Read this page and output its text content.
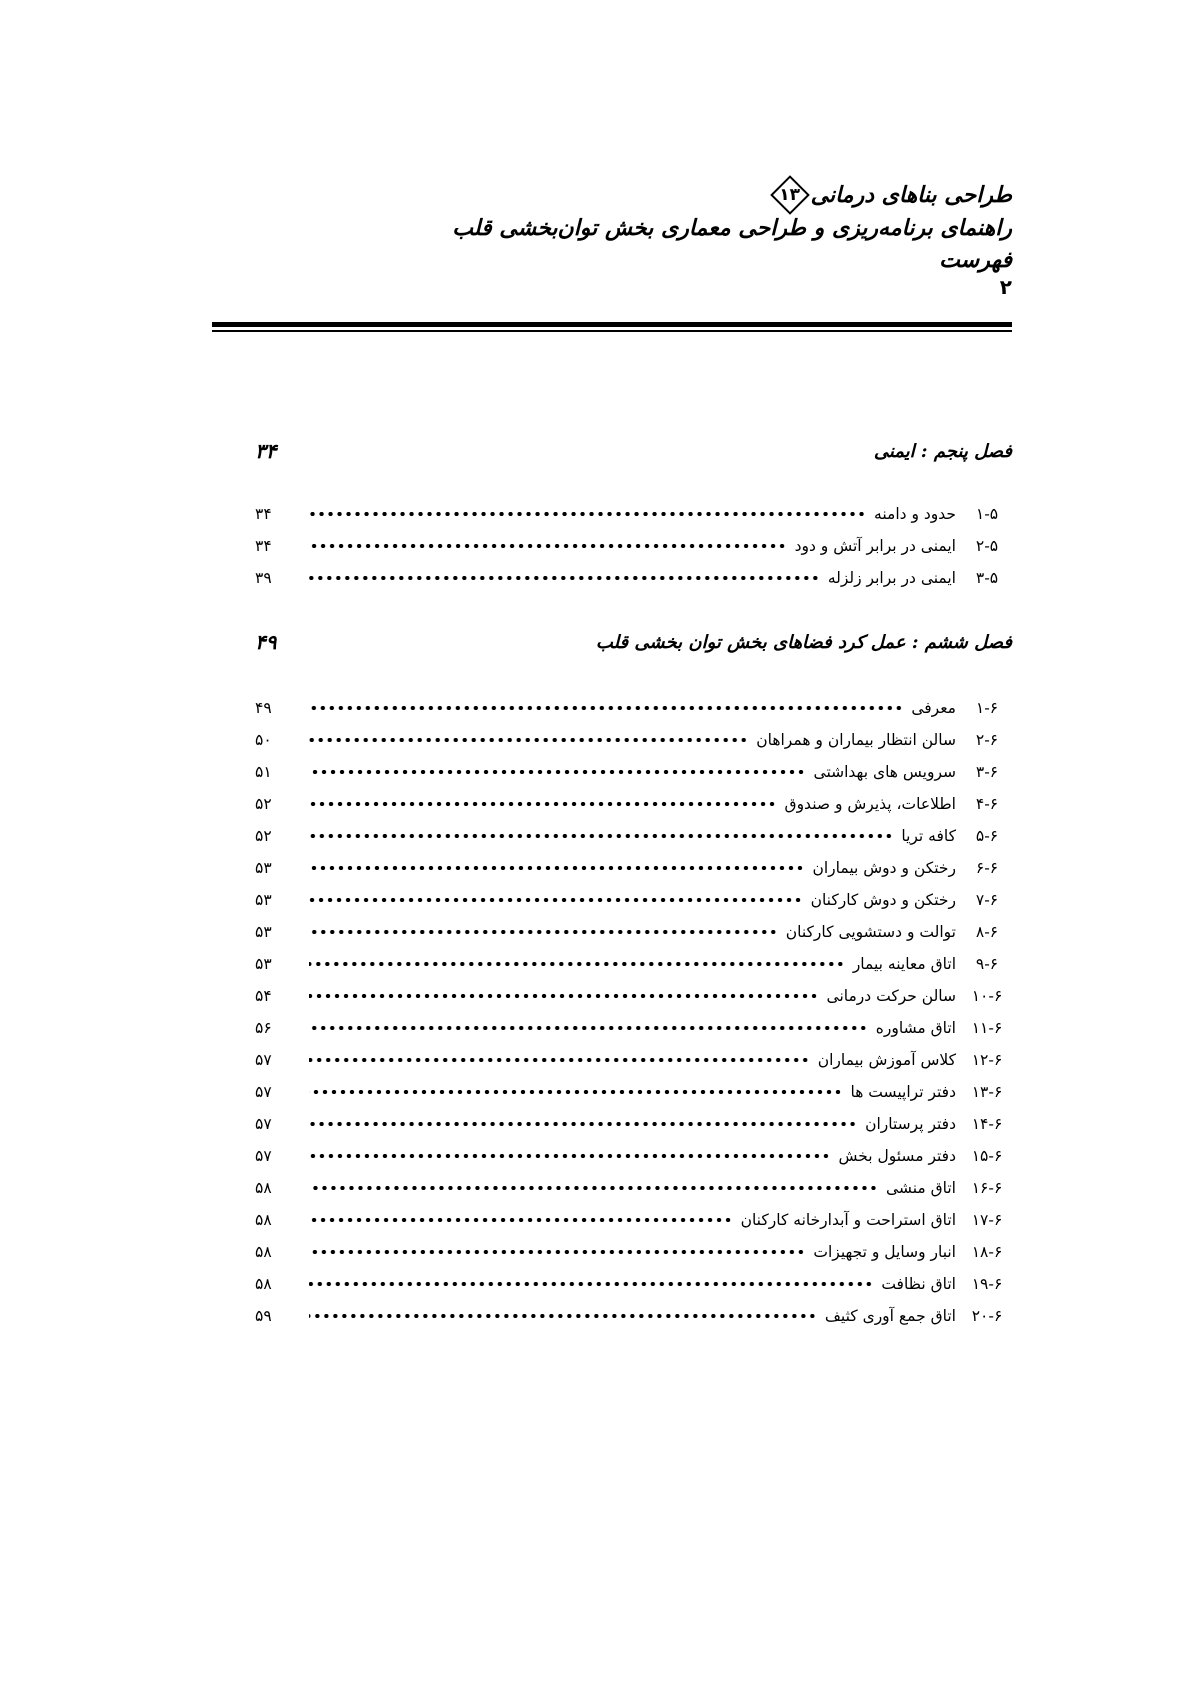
طراحی بناهای درمانی
۱۳
راهنمای برنامه‌ریزی و طراحی معماری بخش توان‌بخشی قلب
فهرست
۲
فصل پنجم : ایمنی
۳۴
۱-۵
حدود و دامنه
۳۴
۲-۵
ایمنی در برابر آتش و دود
۳۴
۳-۵
ایمنی در برابر زلزله
۳۹
فصل ششم : عمل کرد فضاهای بخش توان بخشی قلب
۴۹
۱-۶
معرفی
۴۹
۲-۶
سالن انتظار بیماران و همراهان
۵۰
۳-۶
سرویس های بهداشتی
۵۱
۴-۶
اطلاعات، پذیرش و صندوق
۵۲
۵-۶
کافه تریا
۵۲
۶-۶
رختکن و دوش بیماران
۵۳
۷-۶
رختکن و دوش کارکنان
۵۳
۸-۶
توالت و دستشویی کارکنان
۵۳
۹-۶
اتاق معاینه بیمار
۵۳
۱۰-۶
سالن حرکت درمانی
۵۴
۱۱-۶
اتاق مشاوره
۵۶
۱۲-۶
کلاس آموزش بیماران
۵۷
۱۳-۶
دفتر تراپیست ها
۵۷
۱۴-۶
دفتر پرستاران
۵۷
۱۵-۶
دفتر مسئول بخش
۵۷
۱۶-۶
اتاق منشی
۵۸
۱۷-۶
اتاق استراحت و آبدارخانه کارکنان
۵۸
۱۸-۶
انبار وسایل و تجهیزات
۵۸
۱۹-۶
اتاق نظافت
۵۸
۲۰-۶
اتاق جمع آوری کثیف
۵۹
